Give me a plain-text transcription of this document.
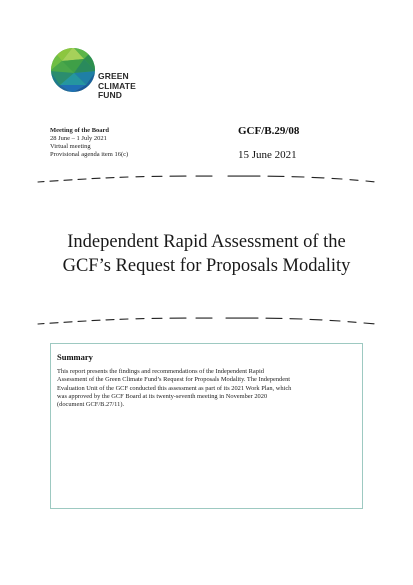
GREEN
CLIMATE
FUND
Meeting of the Board
28 June – 1 July 2021
Virtual meeting
Provisional agenda item 16(c)
GCF/B.29/08
15 June 2021
Independent Rapid Assessment of the
GCF’s Request for Proposals Modality
Summary
This report presents the findings and recommendations of the Independent Rapid
Assessment of the Green Climate Fund’s Request for Proposals Modality. The Independent
Evaluation Unit of the GCF conducted this assessment as part of its 2021 Work Plan, which
was approved by the GCF Board at its twenty-seventh meeting in November 2020
(document GCF/B.27/11).
